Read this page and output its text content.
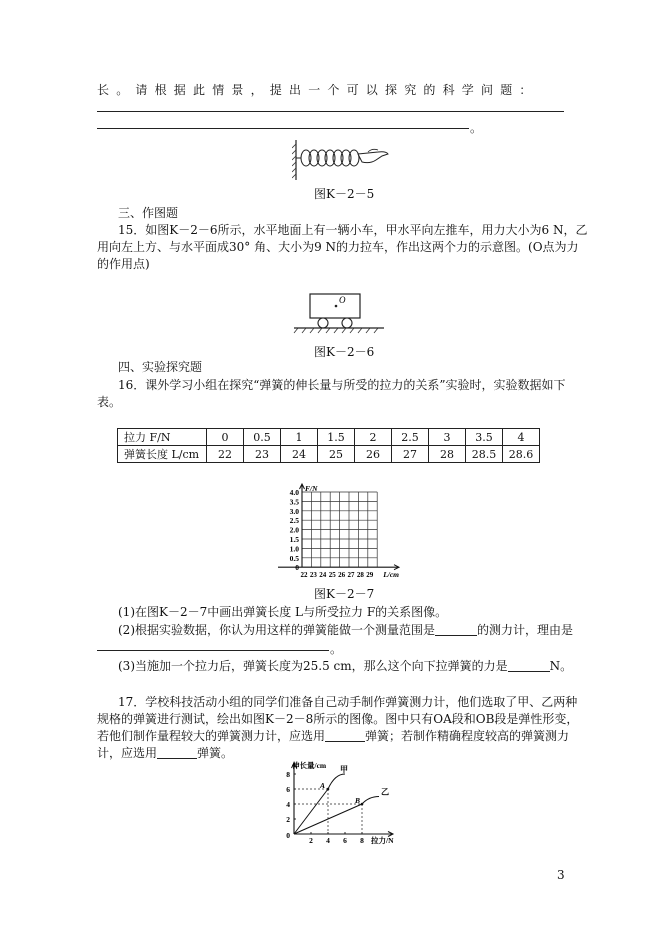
长。请根据此情景，提出一个可以探究的科学问题：
。
图K－2－5
三、作图题
15．如图K－2－6所示，水平地面上有一辆小车，甲水平向左推车，用力大小为6 N，乙
用向左上方、与水平面成30° 角、大小为9 N的力拉车，作出这两个力的示意图。(O点为力
的作用点)
O
图K－2－6
四、实验探究题
16．课外学习小组在探究“弹簧的伸长量与所受的拉力的关系”实验时，实验数据如下
表。
拉力 F/N	0	0.5	1	1.5	2	2.5	3	3.5	4
弹簧长度 L/cm	22	23	24	25	26	27	28	28.5	28.6
4.0
3.5
3.0
2.5
2.0
1.5
1.0
0.5
0
22 23 24 25 26 27 28 29
F/N
L/cm
图K－2－7
(1)在图K－2－7中画出弹簧长度 L与所受拉力 F的关系图像。
(2)根据实验数据，你认为用这样的弹簧能做一个测量范围是	的测力计，理由是
。
(3)当施加一个拉力后，弹簧长度为25.5 cm，那么这个向下拉弹簧的力是	N。
17．学校科技活动小组的同学们准备自己动手制作弹簧测力计，他们选取了甲、乙两种
规格的弹簧进行测试，绘出如图K－2－8所示的图像。图中只有OA段和OB段是弹性形变，
若他们制作量程较大的弹簧测力计，应选用	弹簧；若制作精确程度较高的弹簧测力
计，应选用	弹簧。
2 4 6 8
2
4
6
8
0
伸长量/cm
拉力/N
A
甲
B
乙
3
